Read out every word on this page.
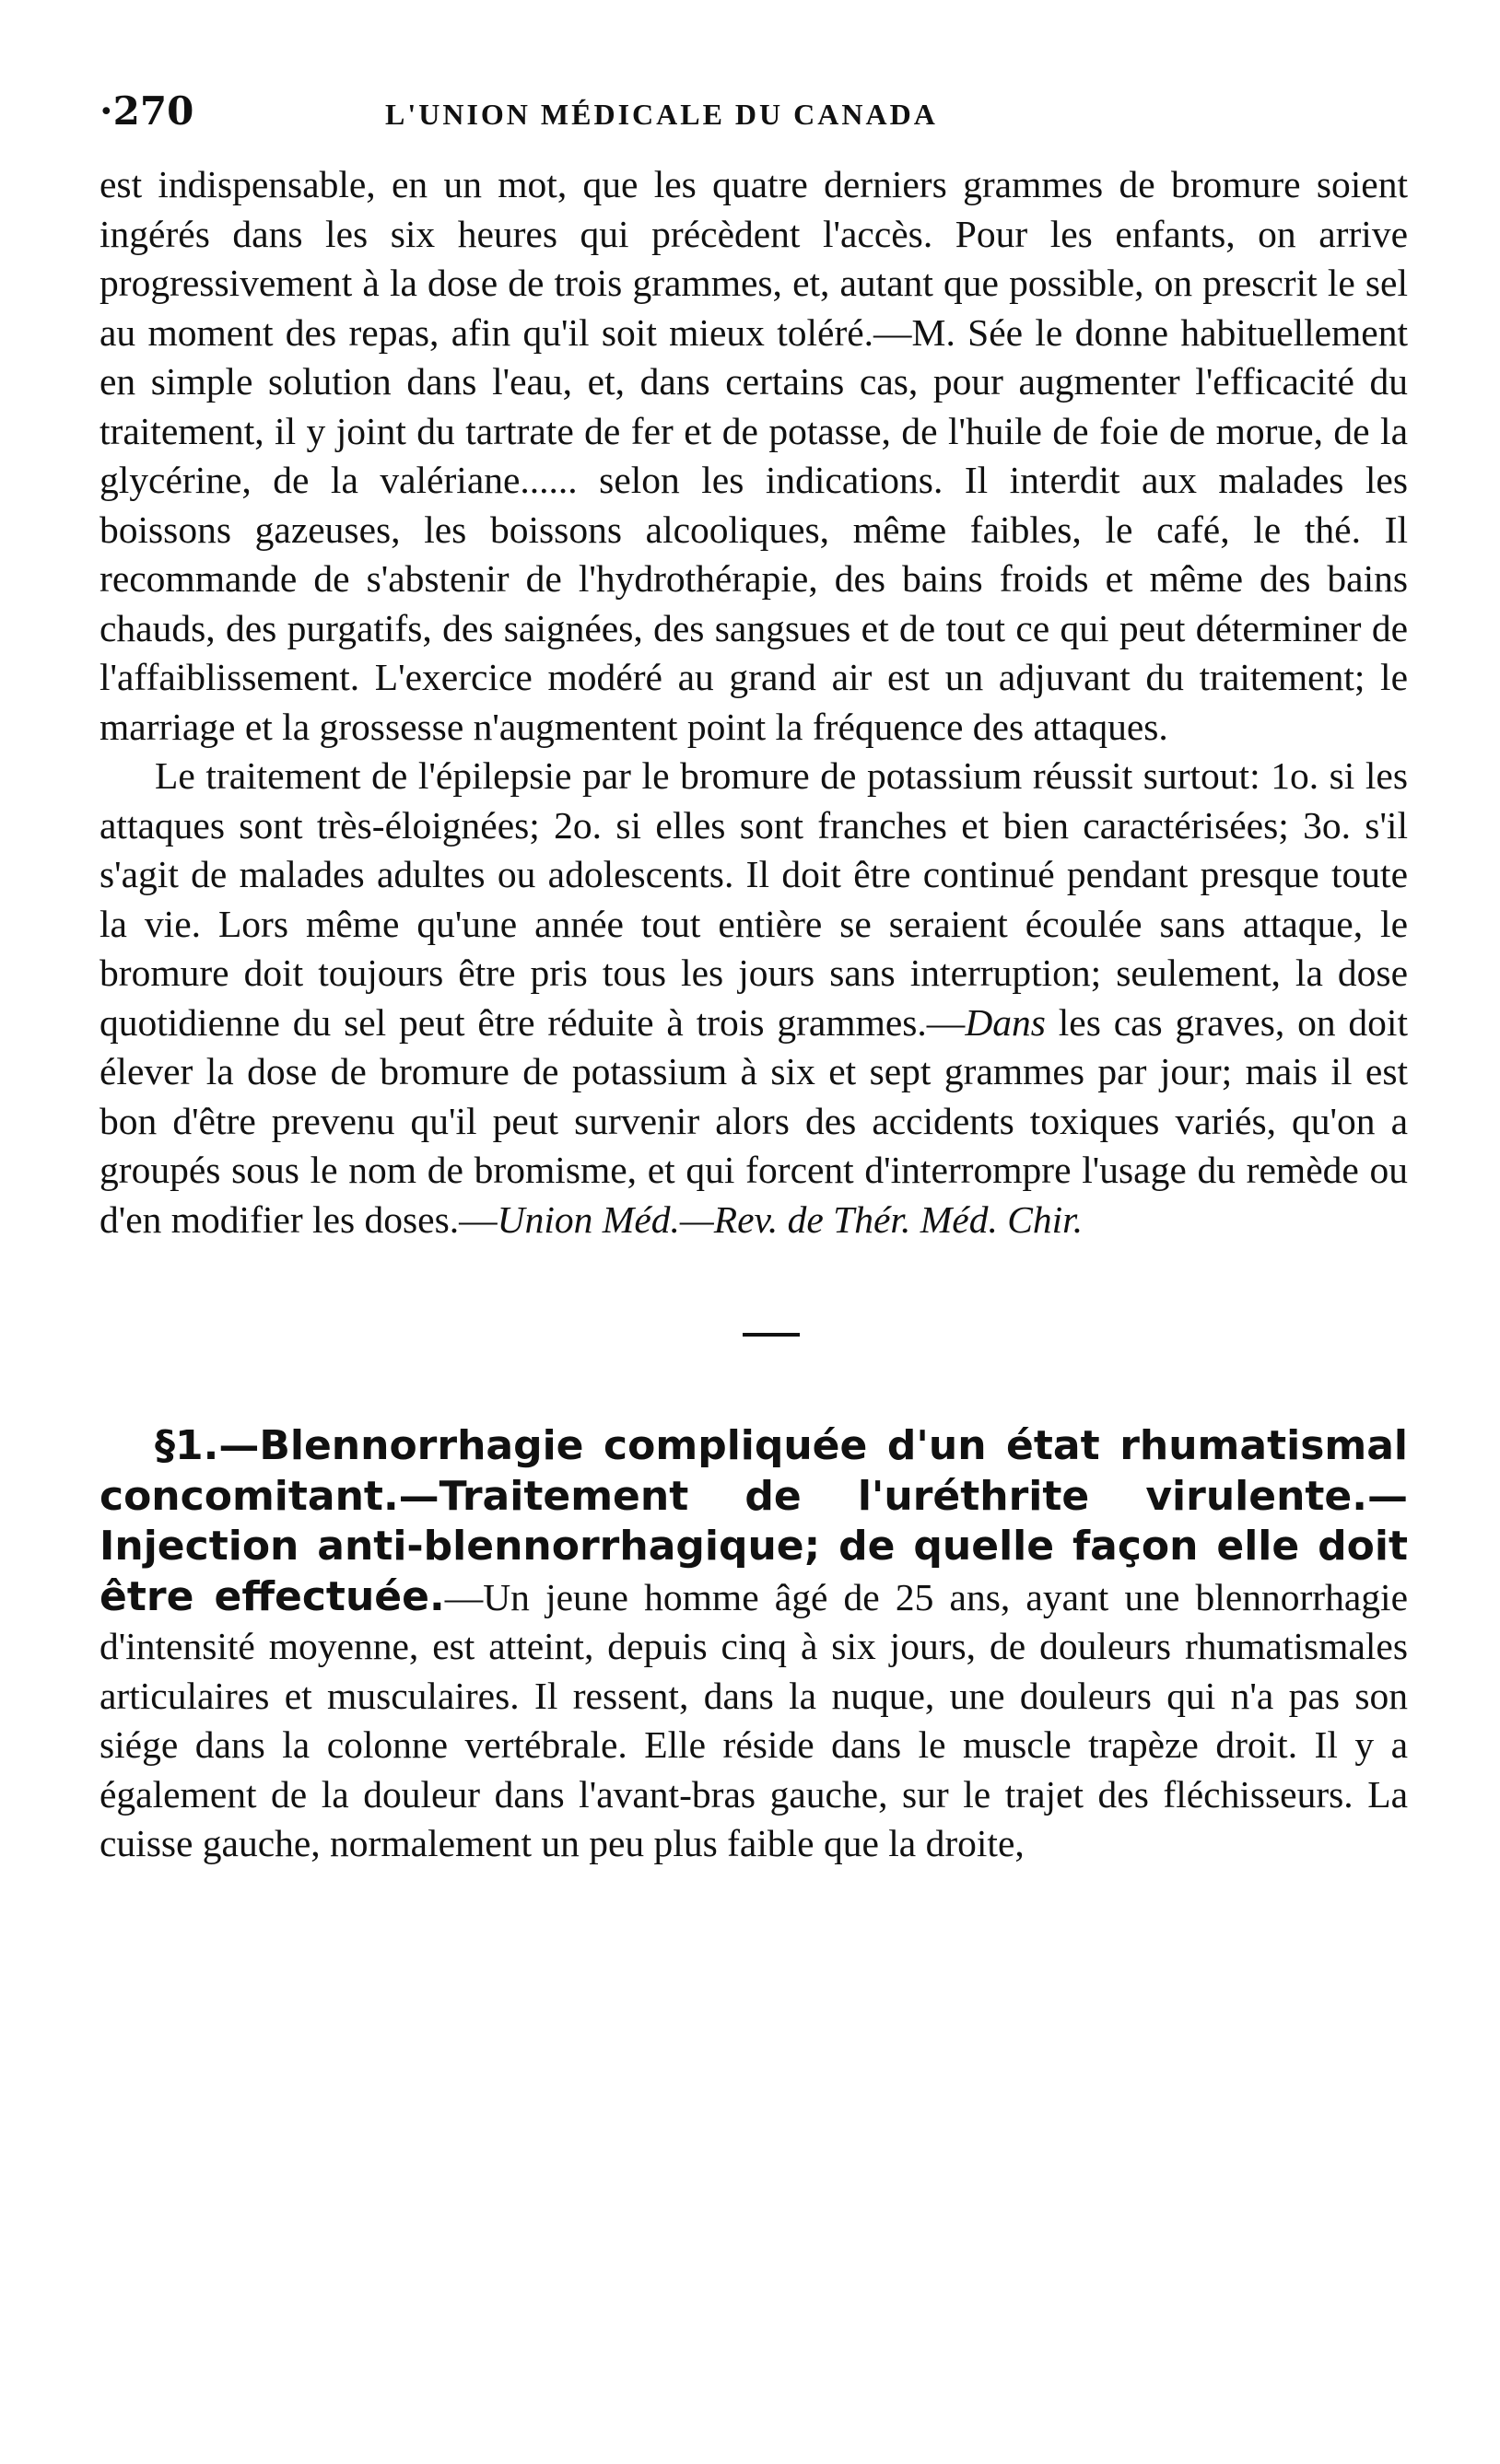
·270	L'UNION MÉDICALE DU CANADA

est indispensable, en un mot, que les quatre derniers grammes de bromure soient ingérés dans les six heures qui précèdent l'accès. Pour les enfants, on arrive progressivement à la dose de trois grammes, et, autant que possible, on prescrit le sel au moment des repas, afin qu'il soit mieux toléré.—M. Sée le donne habituellement en simple solution dans l'eau, et, dans certains cas, pour augmenter l'efficacité du traitement, il y joint du tartrate de fer et de potasse, de l'huile de foie de morue, de la glycérine, de la valériane...... selon les indications. Il interdit aux malades les boissons gazeuses, les boissons alcooliques, même faibles, le café, le thé. Il recommande de s'abstenir de l'hydrothérapie, des bains froids et même des bains chauds, des purgatifs, des saignées, des sangsues et de tout ce qui peut déterminer de l'affaiblissement. L'exercice modéré au grand air est un adjuvant du traitement; le marriage et la grossesse n'augmentent point la fréquence des attaques.

Le traitement de l'épilepsie par le bromure de potassium réussit surtout: 1o. si les attaques sont très-éloignées; 2o. si elles sont franches et bien caractérisées; 3o. s'il s'agit de malades adultes ou adolescents. Il doit être continué pendant presque toute la vie. Lors même qu'une année tout entière se seraient écoulée sans attaque, le bromure doit toujours être pris tous les jours sans interruption; seulement, la dose quotidienne du sel peut être réduite à trois grammes.—Dans les cas graves, on doit élever la dose de bromure de potassium à six et sept grammes par jour; mais il est bon d'être prevenu qu'il peut survenir alors des accidents toxiques variés, qu'on a groupés sous le nom de bromisme, et qui forcent d'interrompre l'usage du remède ou d'en modifier les doses.—Union Méd.—Rev. de Thér. Méd. Chir.

§1.—Blennorrhagie compliquée d'un état rhumatismal concomitant.—Traitement de l'uréthrite virulente.—Injection anti-blennorrhagique; de quelle façon elle doit être effectuée.—Un jeune homme âgé de 25 ans, ayant une blennorrhagie d'intensité moyenne, est atteint, depuis cinq à six jours, de douleurs rhumatismales articulaires et musculaires. Il ressent, dans la nuque, une douleurs qui n'a pas son siége dans la colonne vertébrale. Elle réside dans le muscle trapèze droit. Il y a également de la douleur dans l'avant-bras gauche, sur le trajet des fléchisseurs. La cuisse gauche, normalement un peu plus faible que la droite,
